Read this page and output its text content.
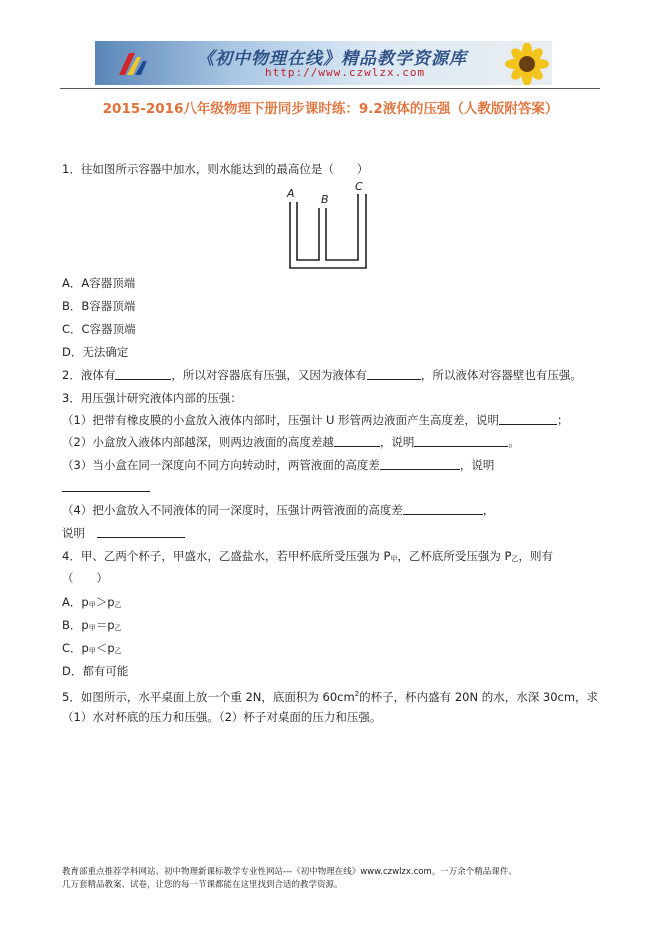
《初中物理在线》精品教学资源库
http://www.czwlzx.com
2015-2016八年级物理下册同步课时练：9.2液体的压强（人教版附答案）
1．往如图所示容器中加水，则水能达到的最高位是（　　）
A B
C
A．A容器顶端
B．B容器顶端
C．C容器顶端
D．无法确定
2．液体有	，所以对容器底有压强，又因为液体有	，所以液体对容器壁也有压强。
3．用压强计研究液体内部的压强：
（1）把带有橡皮膜的小盒放入液体内部时，压强计 U 形管两边液面产生高度差，说明	；
（2）小盒放入液体内部越深，则两边液面的高度差越	，说明	。
（3）当小盒在同一深度向不同方向转动时，两管液面的高度差	，说明
（4）把小盒放入不同液体的同一深度时，压强计两管液面的高度差	，
说明　
4．甲、乙两个杯子，甲盛水，乙盛盐水，若甲杯底所受压强为 P甲，乙杯底所受压强为 P乙，则有
（　　）
A．p甲＞p乙
B．p甲＝p乙
C．p甲＜p乙
D．都有可能
5．如图所示，水平桌面上放一个重 2N，底面积为 $60cm^2$的杯子，杯内盛有 20N 的水，水深 30cm，求
（1）水对杯底的压力和压强。（2）杯子对桌面的压力和压强。
教育部重点推荐学科网站、初中物理新课标教学专业性网站---《初中物理在线》www.czwlzx.com。一万余个精品课件、
几万套精品教案、试卷，让您的每一节课都能在这里找到合适的教学资源。
